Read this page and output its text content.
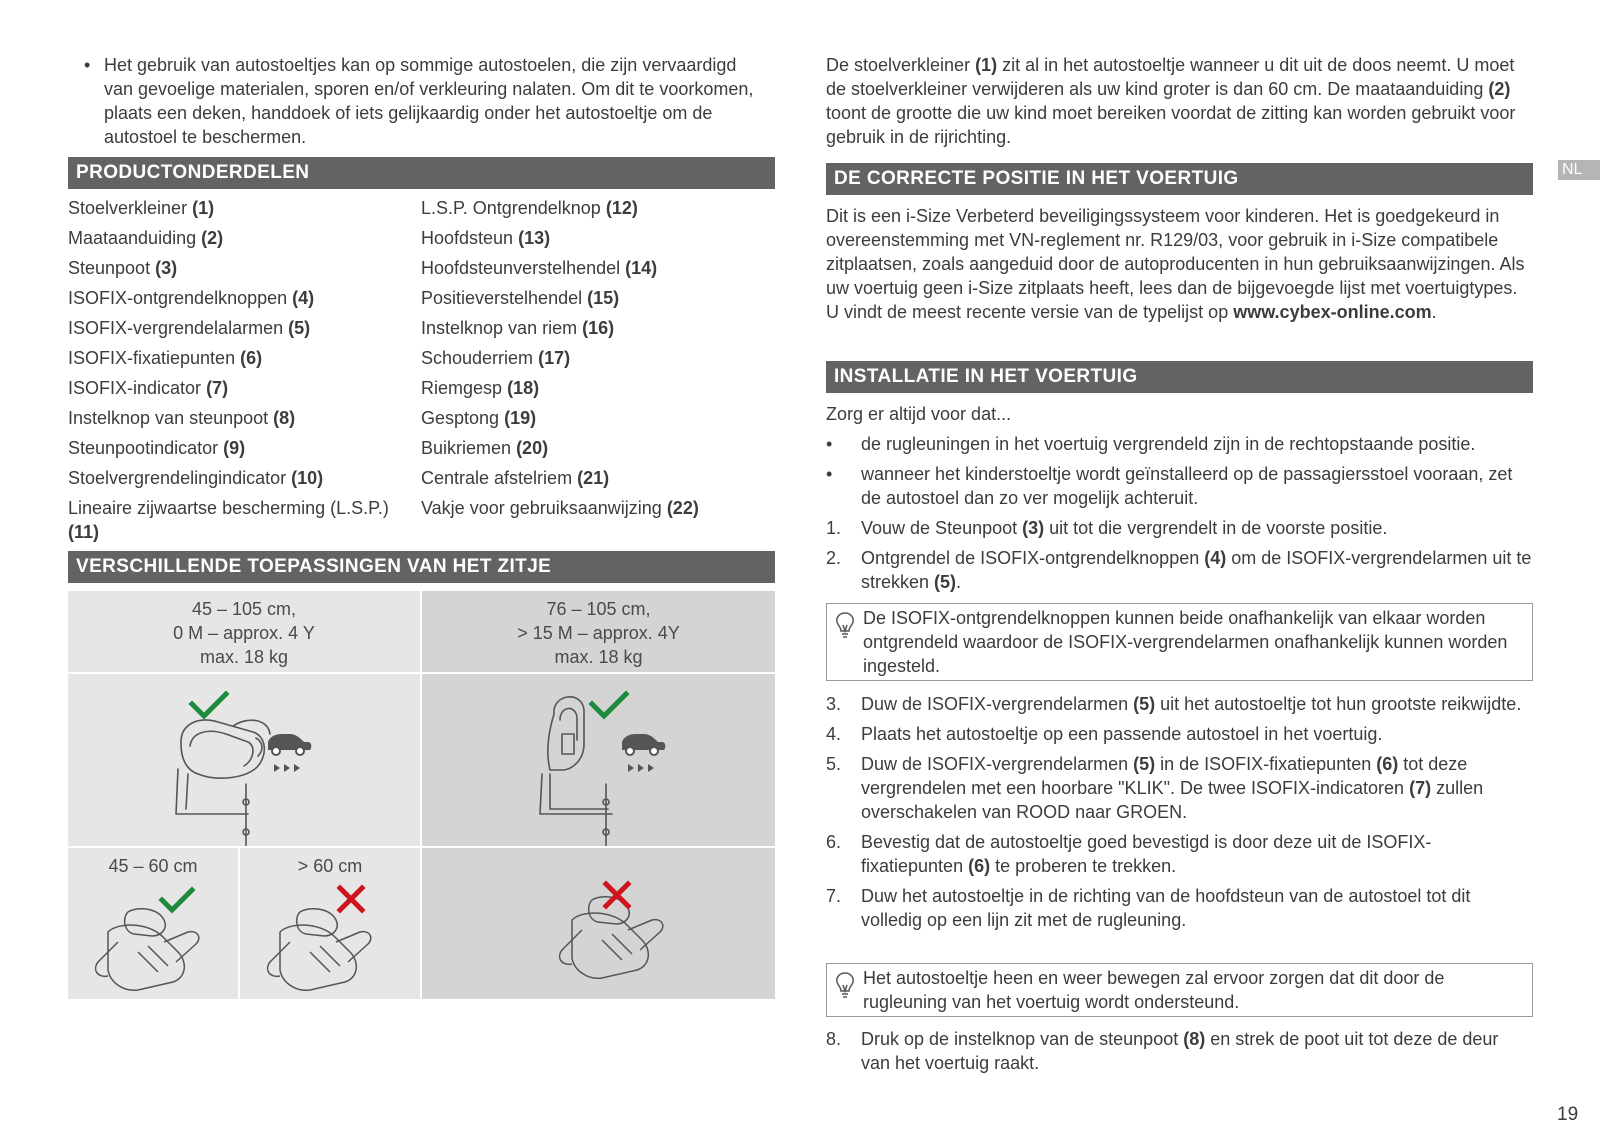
• Het gebruik van autostoeltjes kan op sommige autostoelen, die zijn vervaardigd van gevoelige materialen, sporen en/of verkleuring nalaten. Om dit te voorkomen, plaats een deken, handdoek of iets gelijkaardig onder het autostoeltje om de autostoel te beschermen.
PRODUCTONDERDELEN
Stoelverkleiner (1)
Maataanduiding (2)
Steunpoot (3)
ISOFIX-ontgrendelknoppen (4)
ISOFIX-vergrendelalarmen (5)
ISOFIX-fixatiepunten (6)
ISOFIX-indicator (7)
Instelknop van steunpoot (8)
Steunpootindicator (9)
Stoelvergrendelingindicator (10)
Lineaire zijwaartse bescherming (L.S.P.) (11)
L.S.P. Ontgrendelknop (12)
Hoofdsteun (13)
Hoofdsteunverstelhendel (14)
Positieverstelhendel (15)
Instelknop van riem (16)
Schouderriem (17)
Riemgesp (18)
Gesptong (19)
Buikriemen (20)
Centrale afstelriem (21)
Vakje voor gebruiksaanwijzing (22)
VERSCHILLENDE TOEPASSINGEN VAN HET ZITJE
45 – 105 cm,
0 M – approx. 4 Y
max. 18 kg
76 – 105 cm,
> 15 M – approx. 4Y
max. 18 kg
45 – 60 cm	> 60 cm
De stoelverkleiner (1) zit al in het autostoeltje wanneer u dit uit de doos neemt. U moet de stoelverkleiner verwijderen als uw kind groter is dan 60 cm. De maataanduiding (2) toont de grootte die uw kind moet bereiken voordat de zitting kan worden gebruikt voor gebruik in de rijrichting.
DE CORRECTE POSITIE IN HET VOERTUIG
Dit is een i-Size Verbeterd beveiligingssysteem voor kinderen. Het is goedgekeurd in overeenstemming met VN-reglement nr. R129/03, voor gebruik in i-Size compatibele zitplaatsen, zoals aangeduid door de autoproducenten in hun gebruiksaanwijzingen. Als uw voertuig geen i-Size zitplaats heeft, lees dan de bijgevoegde lijst met voertuigtypes. U vindt de meest recente versie van de typelijst op www.cybex-online.com.
INSTALLATIE IN HET VOERTUIG
Zorg er altijd voor dat...
• de rugleuningen in het voertuig vergrendeld zijn in de rechtopstaande positie.
• wanneer het kinderstoeltje wordt geïnstalleerd op de passagiersstoel vooraan, zet de autostoel dan zo ver mogelijk achteruit.
1. Vouw de Steunpoot (3) uit tot die vergrendelt in de voorste positie.
2. Ontgrendel de ISOFIX-ontgrendelknoppen (4) om de ISOFIX-vergrendelarmen uit te strekken (5).
De ISOFIX-ontgrendelknoppen kunnen beide onafhankelijk van elkaar worden ontgrendeld waardoor de ISOFIX-vergrendelarmen onafhankelijk kunnen worden ingesteld.
3. Duw de ISOFIX-vergrendelarmen (5) uit het autostoeltje tot hun grootste reikwijdte.
4. Plaats het autostoeltje op een passende autostoel in het voertuig.
5. Duw de ISOFIX-vergrendelarmen (5) in de ISOFIX-fixatiepunten (6) tot deze vergrendelen met een hoorbare "KLIK". De twee ISOFIX-indicatoren (7) zullen overschakelen van ROOD naar GROEN.
6. Bevestig dat de autostoeltje goed bevestigd is door deze uit de ISOFIX-fixatiepunten (6) te proberen te trekken.
7. Duw het autostoeltje in de richting van de hoofdsteun van de autostoel tot dit volledig op een lijn zit met de rugleuning.
Het autostoeltje heen en weer bewegen zal ervoor zorgen dat dit door de rugleuning van het voertuig wordt ondersteund.
8. Druk op de instelknop van de steunpoot (8) en strek de poot uit tot deze de deur van het voertuig raakt.
NL
19
